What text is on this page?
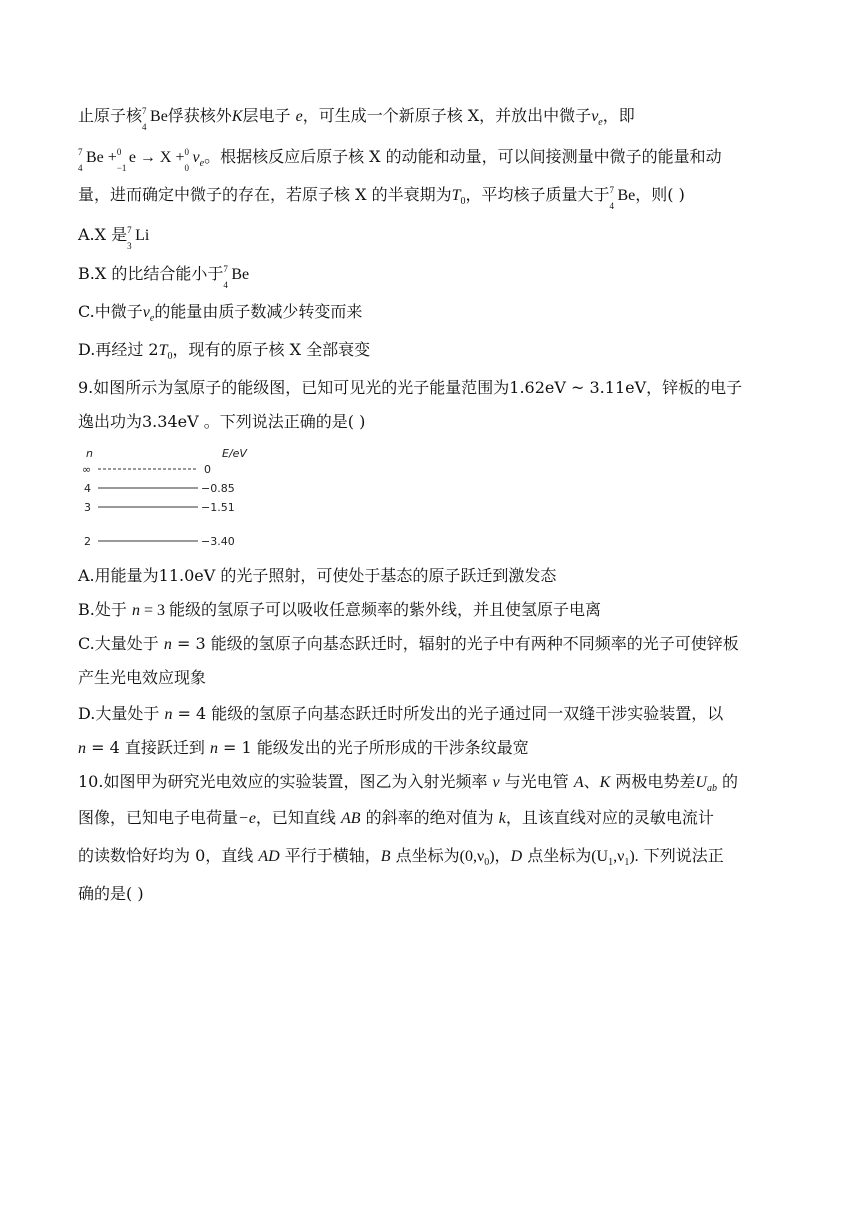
止原子核 7
4
Be俘获核外K层电子 e，可生成一个新原子核 X，并放出中微子$\nu_e$，即
7
4
Be + 0
−1
e → X + 0
0
$\nu_e$。根据核反应后原子核 X 的动能和动量，可以间接测量中微子的能量和动
量，进而确定中微子的存在，若原子核 X 的半衰期为$T_0$，平均核子质量大于 7
4
Be，则( )
A.X 是 7
3
Li
B.X 的比结合能小于 7
4
Be
C.中微子$\nu_e$的能量由质子数减少转变而来
D.再经过 $2T_0$，现有的原子核 X 全部衰变
9.如图所示为氢原子的能级图，已知可见光的光子能量范围为1.62eV ~ 3.11eV，锌板的电子
逸出功为3.34eV 。下列说法正确的是( )
n	E/eV
∞	0
4	−0.85
3	−1.51
2	−3.40
A.用能量为11.0eV 的光子照射，可使处于基态的原子跃迁到激发态
B.处于 n = 3 能级的氢原子可以吸收任意频率的紫外线，并且使氢原子电离
C.大量处于 n = 3 能级的氢原子向基态跃迁时，辐射的光子中有两种不同频率的光子可使锌板
产生光电效应现象
D.大量处于 n = 4 能级的氢原子向基态跃迁时所发出的光子通过同一双缝干涉实验装置，以
n = 4 直接跃迁到 n = 1 能级发出的光子所形成的干涉条纹最宽
10.如图甲为研究光电效应的实验装置，图乙为入射光频率 ν 与光电管 A、K 两极电势差$U_{ab}$ 的
图像，已知电子电荷量−e，已知直线 AB 的斜率的绝对值为 k，且该直线对应的灵敏电流计
的读数恰好均为 0，直线 AD 平行于横轴，B 点坐标为$(0,\nu_0)$，D 点坐标为$(U_1,\nu_1)$. 下列说法正
确的是( )
